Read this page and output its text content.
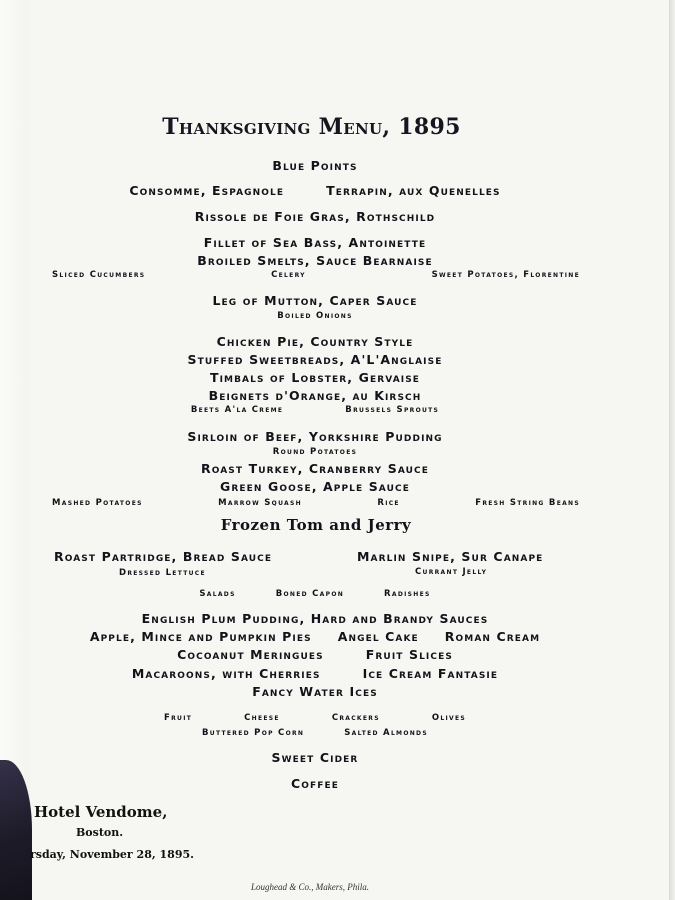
Thanksgiving Menu, 1895
Blue Points
Consomme, Espagnole	Terrapin, aux Quenelles
Rissole de Foie Gras, Rothschild
Fillet of Sea Bass, Antoinette
Broiled Smelts, Sauce Bearnaise
Sliced Cucumbers	Celery	Sweet Potatoes, Florentine
Leg of Mutton, Caper Sauce
Boiled Onions
Chicken Pie, Country Style
Stuffed Sweetbreads, A'L'Anglaise
Timbals of Lobster, Gervaise
Beignets d'Orange, au Kirsch
Beets A'la Creme	Brussels Sprouts
Sirloin of Beef, Yorkshire Pudding
Round Potatoes
Roast Turkey, Cranberry Sauce
Green Goose, Apple Sauce
Mashed Potatoes	Marrow Squash	Rice	Fresh String Beans
Frozen Tom and Jerry
Roast Partridge, Bread Sauce	Marlin Snipe, Sur Canape
Dressed Lettuce	Currant Jelly
Salads	Boned Capon	Radishes
English Plum Pudding, Hard and Brandy Sauces
Apple, Mince and Pumpkin Pies Angel Cake Roman Cream
Cocoanut Meringues	Fruit Slices
Macaroons, with Cherries	Ice Cream Fantasie
Fancy Water Ices
Fruit	Cheese	Crackers	Olives
Buttered Pop Corn	Salted Almonds
Sweet Cider
Coffee
Hotel Vendome,
Boston.
rsday, November 28, 1895.
Loughead & Co., Makers, Phila.
